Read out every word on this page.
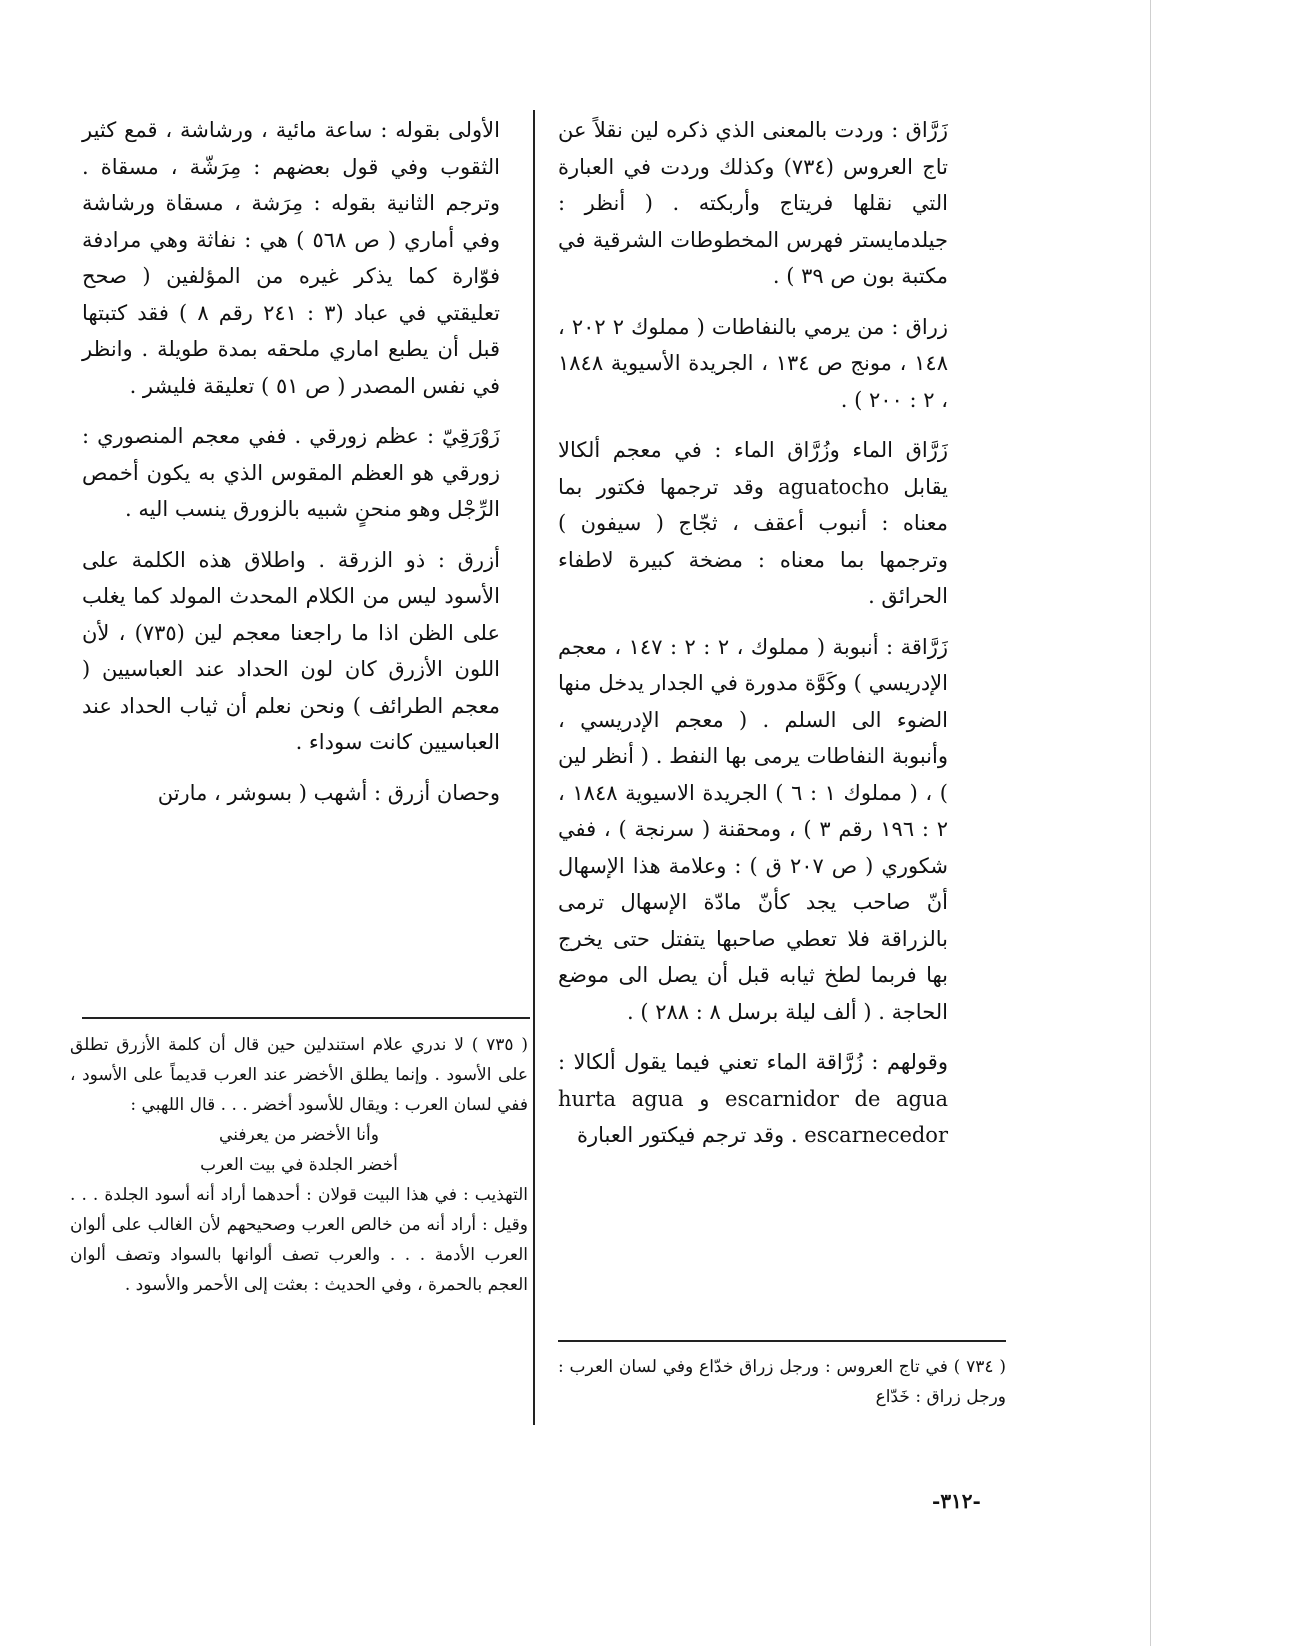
زَرَّاق : وردت بالمعنى الذي ذكره لين نقلاً عن تاج العروس (٧٣٤) وكذلك وردت في العبارة التي نقلها فريتاج وأربكته . ( أنظر : جيلدمايستر فهرس المخطوطات الشرقية في مكتبة بون ص ٣٩ ) .

زراق : من يرمي بالنفاطات ( مملوك ٢ ٢٠٢ ، ١٤٨ ، مونج ص ١٣٤ ، الجريدة الأسيوية ١٨٤٨ ، ٢ : ٢٠٠ ) .

زَرَّاق الماء وزُرَّاق الماء : في معجم ألكالا يقابل aguatocho وقد ترجمها فكتور بما معناه : أنبوب أعقف ، ثجّاج ( سيفون ) وترجمها بما معناه : مضخة كبيرة لاطفاء الحرائق .

زَرَّاقة : أنبوبة ( مملوك ، ٢ : ٢ : ١٤٧ ، معجم الإدريسي ) وكَوَّة مدورة في الجدار يدخل منها الضوء الى السلم . ( معجم الإدريسي ، وأنبوبة النفاطات يرمى بها النفط . ( أنظر لين ) ، ( مملوك ١ : ٦ ) الجريدة الاسيوية ١٨٤٨ ، ٢ : ١٩٦ رقم ٣ ) ، ومحقنة ( سرنجة ) ، ففي شكوري ( ص ٢٠٧ ق ) : وعلامة هذا الإسهال أنّ صاحب يجد كأنّ مادّة الإسهال ترمى بالزراقة فلا تعطي صاحبها يتفتل حتى يخرج بها فربما لطخ ثيابه قبل أن يصل الى موضع الحاجة . ( ألف ليلة برسل ٨ : ٢٨٨ ) .

وقولهم : زُرَّاقة الماء تعني فيما يقول ألكالا : escarnidor de agua و hurta agua escarnecedor . وقد ترجم فيكتور العبارة

الأولى بقوله : ساعة مائية ، ورشاشة ، قمع كثير الثقوب وفي قول بعضهم : مِرَشّة ، مسقاة . وترجم الثانية بقوله : مِرَشة ، مسقاة ورشاشة وفي أماري ( ص ٥٦٨ ) هي : نفاثة وهي مرادفة فوّارة كما يذكر غيره من المؤلفين ( صحح تعليقتي في عباد (٣ : ٢٤١ رقم ٨ ) فقد كتبتها قبل أن يطبع اماري ملحقه بمدة طويلة . وانظر في نفس المصدر ( ص ٥١ ) تعليقة فليشر .

زَوْرَقِيّ : عظم زورقي . ففي معجم المنصوري : زورقي هو العظم المقوس الذي به يكون أخمص الرِّجْل وهو منحنٍ شبيه بالزورق ينسب اليه .

أزرق : ذو الزرقة . واطلاق هذه الكلمة على الأسود ليس من الكلام المحدث المولد كما يغلب على الظن اذا ما راجعنا معجم لين (٧٣٥) ، لأن اللون الأزرق كان لون الحداد عند العباسيين ( معجم الطرائف ) ونحن نعلم أن ثياب الحداد عند العباسيين كانت سوداء .

وحصان أزرق : أشهب ( بسوشر ، مارتن

( ٧٣٥ ) لا ندري علام استندلين حين قال أن كلمة الأزرق تطلق على الأسود . وإنما يطلق الأخضر عند العرب قديماً على الأسود ، ففي لسان العرب : ويقال للأسود أخضر . . . قال اللهبي :
وأنا الأخضر من يعرفني
أخضر الجلدة في بيت العرب
التهذيب : في هذا البيت قولان : أحدهما أراد أنه أسود الجلدة . . . وقيل : أراد أنه من خالص العرب وصحيحهم لأن الغالب على ألوان العرب الأدمة . . . والعرب تصف ألوانها بالسواد وتصف ألوان العجم بالحمرة ، وفي الحديث : بعثت إلى الأحمر والأسود .
( ٧٣٤ ) في تاج العروس : ورجل زراق خدّاع وفي لسان العرب : ورجل زراق : خَدّاع
-٣١٢-
